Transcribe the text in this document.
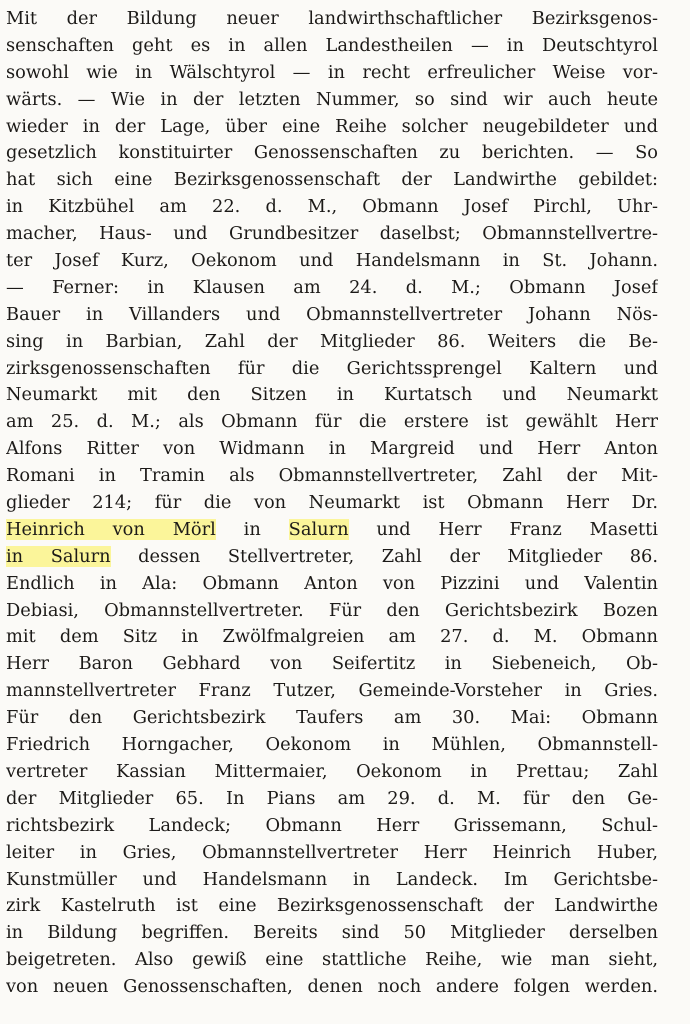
Mit der Bildung neuer landwirthschaftlicher Bezirksgenos-
senschaften geht es in allen Landestheilen — in Deutschtyrol
sowohl wie in Wälschtyrol — in recht erfreulicher Weise vor-
wärts. — Wie in der letzten Nummer, so sind wir auch heute
wieder in der Lage, über eine Reihe solcher neugebildeter und
gesetzlich konstituirter Genossenschaften zu berichten. — So
hat sich eine Bezirksgenossenschaft der Landwirthe gebildet:
in Kitzbühel am 22. d. M., Obmann Josef Pirchl, Uhr-
macher, Haus- und Grundbesitzer daselbst; Obmannstellvertre-
ter Josef Kurz, Oekonom und Handelsmann in St. Johann.
— Ferner: in Klausen am 24. d. M.; Obmann Josef
Bauer in Villanders und Obmannstellvertreter Johann Nös-
sing in Barbian, Zahl der Mitglieder 86. Weiters die Be-
zirksgenossenschaften für die Gerichtssprengel Kaltern und
Neumarkt mit den Sitzen in Kurtatsch und Neumarkt
am 25. d. M.; als Obmann für die erstere ist gewählt Herr
Alfons Ritter von Widmann in Margreid und Herr Anton
Romani in Tramin als Obmannstellvertreter, Zahl der Mit-
glieder 214; für die von Neumarkt ist Obmann Herr Dr.
Heinrich von Mörl in Salurn und Herr Franz Masetti
in Salurn dessen Stellvertreter, Zahl der Mitglieder 86.
Endlich in Ala: Obmann Anton von Pizzini und Valentin
Debiasi, Obmannstellvertreter. Für den Gerichtsbezirk Bozen
mit dem Sitz in Zwölfmalgreien am 27. d. M. Obmann
Herr Baron Gebhard von Seifertitz in Siebeneich, Ob-
mannstellvertreter Franz Tutzer, Gemeinde-Vorsteher in Gries.
Für den Gerichtsbezirk Taufers am 30. Mai: Obmann
Friedrich Horngacher, Oekonom in Mühlen, Obmannstell-
vertreter Kassian Mittermaier, Oekonom in Prettau; Zahl
der Mitglieder 65. In Pians am 29. d. M. für den Ge-
richtsbezirk Landeck; Obmann Herr Grissemann, Schul-
leiter in Gries, Obmannstellvertreter Herr Heinrich Huber,
Kunstmüller und Handelsmann in Landeck. Im Gerichtsbe-
zirk Kastelruth ist eine Bezirksgenossenschaft der Landwirthe
in Bildung begriffen. Bereits sind 50 Mitglieder derselben
beigetreten. Also gewiß eine stattliche Reihe, wie man sieht,
von neuen Genossenschaften, denen noch andere folgen werden.
